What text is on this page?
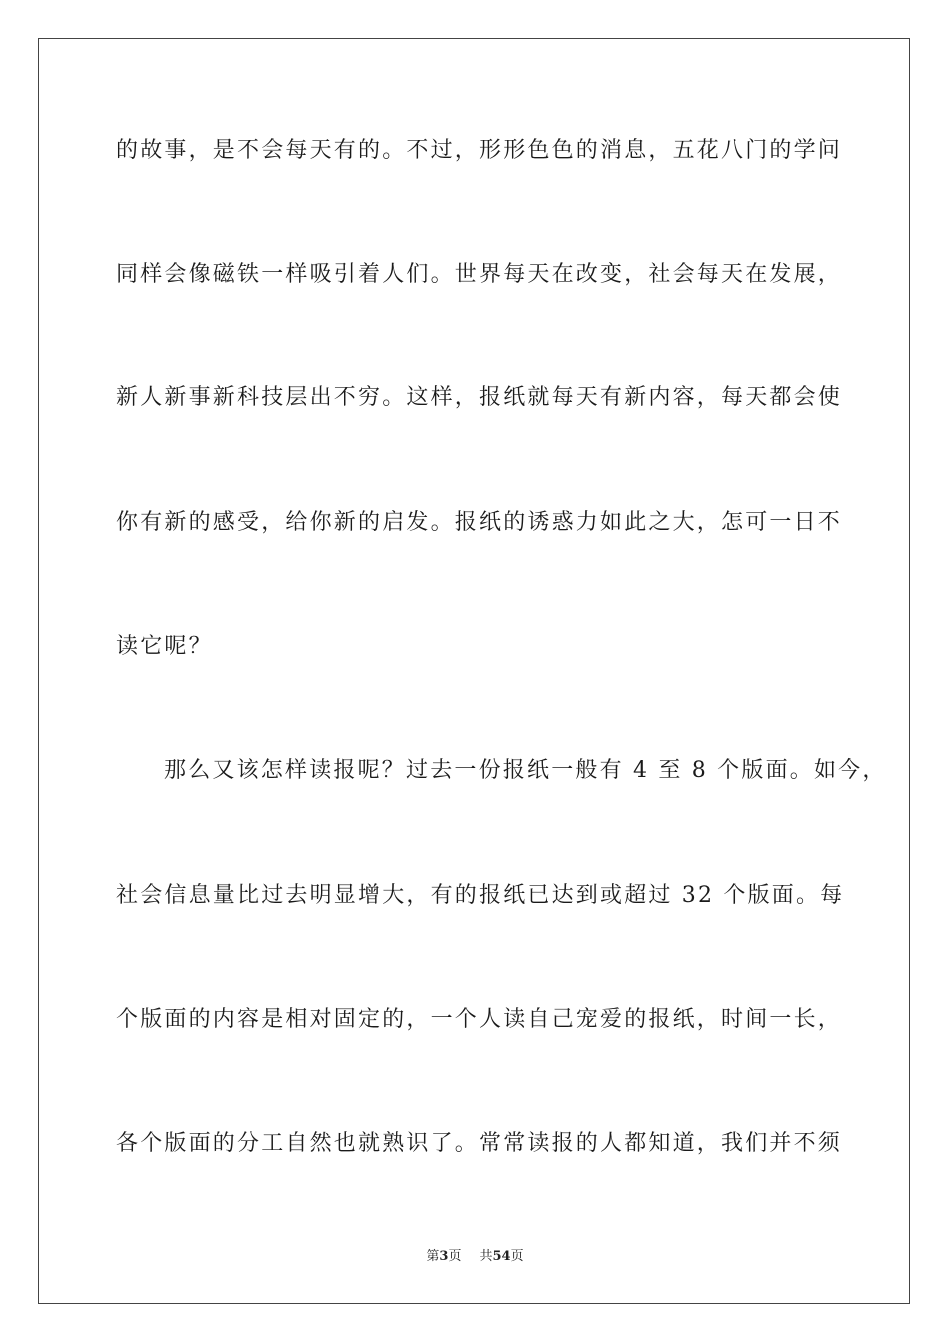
的故事，是不会每天有的。不过，形形色色的消息，五花八门的学问
同样会像磁铁一样吸引着人们。世界每天在改变，社会每天在发展，
新人新事新科技层出不穷。这样，报纸就每天有新内容，每天都会使
你有新的感受，给你新的启发。报纸的诱惑力如此之大，怎可一日不
读它呢？
那么又该怎样读报呢？过去一份报纸一般有 4 至 8 个版面。如今，
社会信息量比过去明显增大，有的报纸已达到或超过 32 个版面。每
个版面的内容是相对固定的，一个人读自己宠爱的报纸，时间一长，
各个版面的分工自然也就熟识了。常常读报的人都知道，我们并不须
第3页 共54页
